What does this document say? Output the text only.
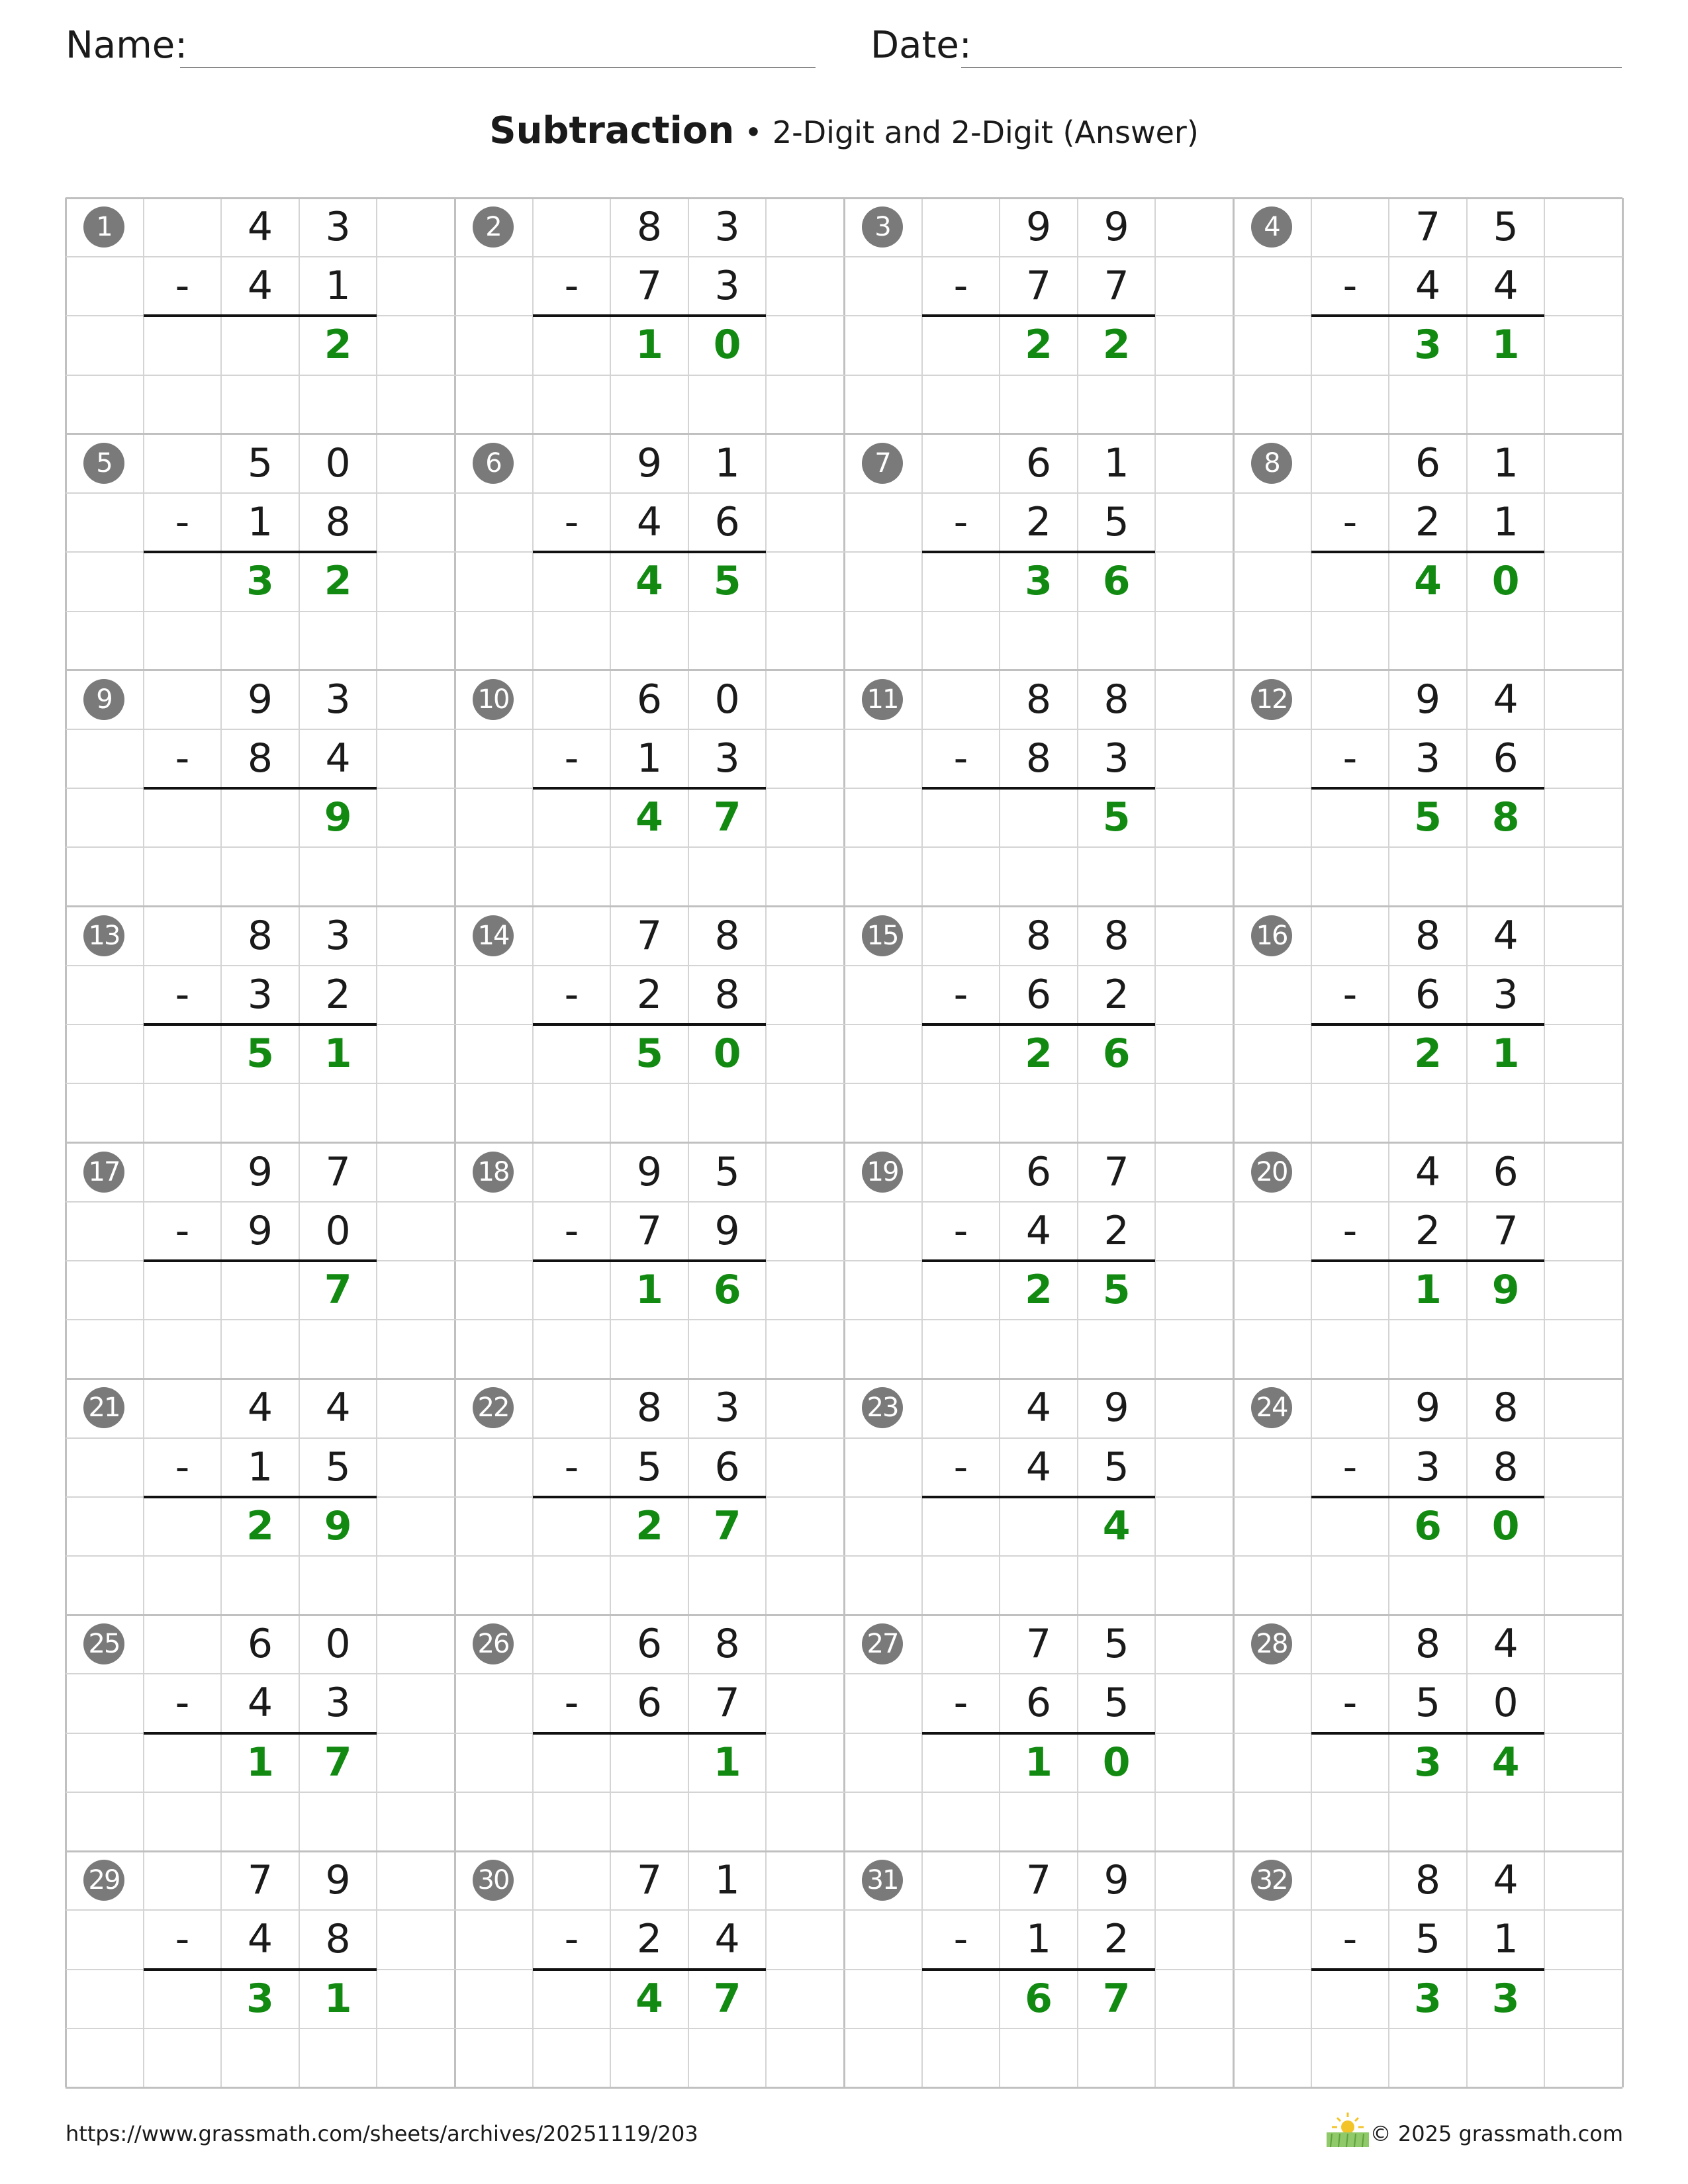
Name:	Date:
Subtraction • 2-Digit and 2-Digit (Answer)
1	4	3
-	4	1
2
2	8	3
-	7	3
1	0
3	9	9
-	7	7
2	2
4	7	5
-	4	4
3	1
5	5	0
-	1	8
3	2
6	9	1
-	4	6
4	5
7	6	1
-	2	5
3	6
8	6	1
-	2	1
4	0
9	9	3
-	8	4
9
10	6	0
-	1	3
4	7
11	8	8
-	8	3
5
12	9	4
-	3	6
5	8
13	8	3
-	3	2
5	1
14	7	8
-	2	8
5	0
15	8	8
-	6	2
2	6
16	8	4
-	6	3
2	1
17	9	7
-	9	0
7
18	9	5
-	7	9
1	6
19	6	7
-	4	2
2	5
20	4	6
-	2	7
1	9
21	4	4
-	1	5
2	9
22	8	3
-	5	6
2	7
23	4	9
-	4	5
4
24	9	8
-	3	8
6	0
25	6	0
-	4	3
1	7
26	6	8
-	6	7
1
27	7	5
-	6	5
1	0
28	8	4
-	5	0
3	4
29	7	9
-	4	8
3	1
30	7	1
-	2	4
4	7
31	7	9
-	1	2
6	7
32	8	4
-	5	1
3	3
https://www.grassmath.com/sheets/archives/20251119/203	© 2025 grassmath.com
